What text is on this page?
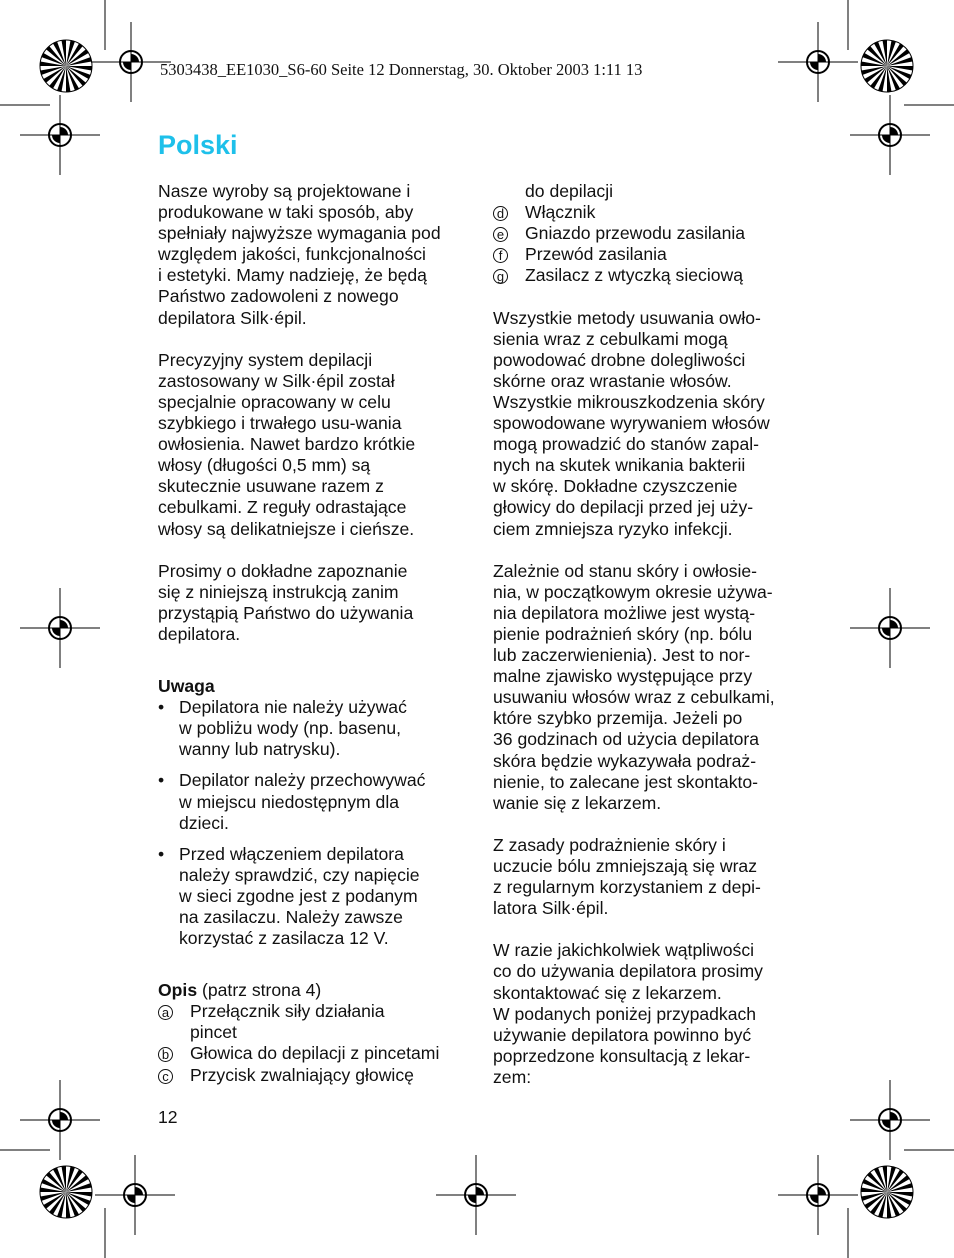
5303438_EE1030_S6-60 Seite 12 Donnerstag, 30. Oktober 2003 1:11 13
Polski

Nasze wyroby są projektowane i
produkowane w taki sposób, aby
spełniały najwyższe wymagania pod
względem jakości, funkcjonalności
i estetyki. Mamy nadzieję, że będą
Państwo zadowoleni z nowego
depilatora Silk·épil.

Precyzyjny system depilacji
zastosowany w Silk·épil został
specjalnie opracowany w celu
szybkiego i trwałego usu-wania
owłosienia. Nawet bardzo krótkie
włosy (długości 0,5 mm) są
skutecznie usuwane razem z
cebulkami. Z reguły odrastające
włosy są delikatniejsze i cieńsze.

Prosimy o dokładne zapoznanie
się z niniejszą instrukcją zanim
przystąpią Państwo do używania
depilatora.

Uwaga
• Depilatora nie należy używać
w pobliżu wody (np. basenu,
wanny lub natrysku).
• Depilator należy przechowywać
w miejscu niedostępnym dla
dzieci.
• Przed włączeniem depilatora
należy sprawdzić, czy napięcie
w sieci zgodne jest z podanym
na zasilaczu. Należy zawsze
korzystać z zasilacza 12 V.
Opis (patrz strona 4)
a	Przełącznik siły działania
pincet
b	Głowica do depilacji z pincetami
c	Przycisk zwalniający głowicę
do depilacji
d	Włącznik
e	Gniazdo przewodu zasilania
f	Przewód zasilania
g	Zasilacz z wtyczką sieciową

Wszystkie metody usuwania owło-
sienia wraz z cebulkami mogą
powodować drobne dolegliwości
skórne oraz wrastanie włosów.
Wszystkie mikrouszkodzenia skóry
spowodowane wyrywaniem włosów
mogą prowadzić do stanów zapal-
nych na skutek wnikania bakterii
w skórę. Dokładne czyszczenie
głowicy do depilacji przed jej uży-
ciem zmniejsza ryzyko infekcji.

Zależnie od stanu skóry i owłosie-
nia, w początkowym okresie używa-
nia depilatora możliwe jest wystą-
pienie podrażnień skóry (np. bólu
lub zaczerwienienia). Jest to nor-
malne zjawisko występujące przy
usuwaniu włosów wraz z cebulkami,
które szybko przemija. Jeżeli po
36 godzinach od użycia depilatora
skóra będzie wykazywała podraż-
nienie, to zalecane jest skontakto-
wanie się z lekarzem.

Z zasady podrażnienie skóry i
uczucie bólu zmniejszają się wraz
z regularnym korzystaniem z depi-
latora Silk·épil.

W razie jakichkolwiek wątpliwości
co do używania depilatora prosimy
skontaktować się z lekarzem.
W podanych poniżej przypadkach
używanie depilatora powinno być
poprzedzone konsultacją z lekar-
zem:

12
